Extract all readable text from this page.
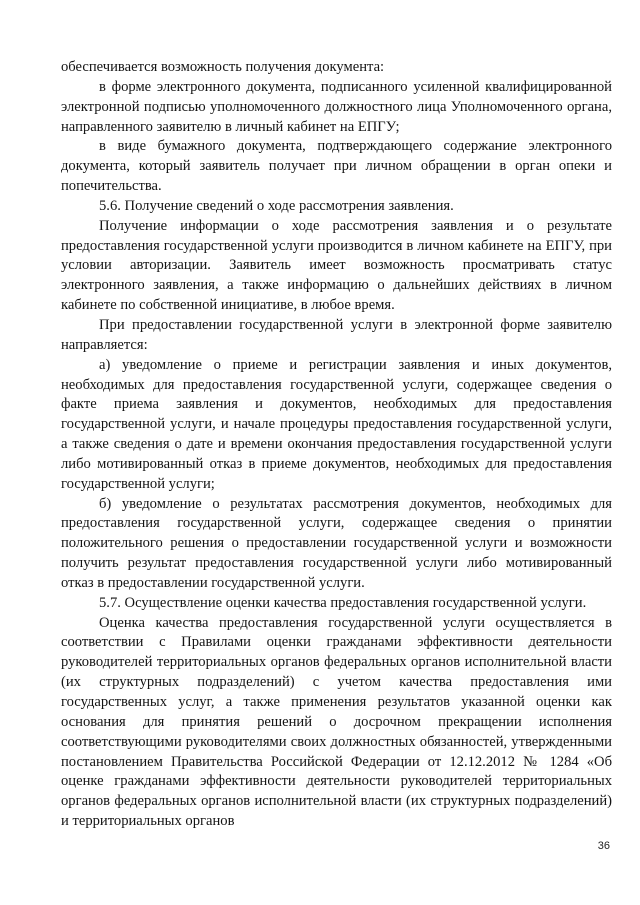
обеспечивается возможность получения документа:

в форме электронного документа, подписанного усиленной квалифицированной электронной подписью уполномоченного должностного лица Уполномоченного органа, направленного заявителю в личный кабинет на ЕПГУ;

в виде бумажного документа, подтверждающего содержание электронного документа, который заявитель получает при личном обращении в орган опеки и попечительства.

5.6. Получение сведений о ходе рассмотрения заявления.

Получение информации о ходе рассмотрения заявления и о результате предоставления государственной услуги производится в личном кабинете на ЕПГУ, при условии авторизации. Заявитель имеет возможность просматривать статус электронного заявления, а также информацию о дальнейших действиях в личном кабинете по собственной инициативе, в любое время.

При предоставлении государственной услуги в электронной форме заявителю направляется:

а) уведомление о приеме и регистрации заявления и иных документов, необходимых для предоставления государственной услуги, содержащее сведения о факте приема заявления и документов, необходимых для предоставления государственной услуги, и начале процедуры предоставления государственной услуги, а также сведения о дате и времени окончания предоставления государственной услуги либо мотивированный отказ в приеме документов, необходимых для предоставления государственной услуги;

б) уведомление о результатах рассмотрения документов, необходимых для предоставления государственной услуги, содержащее сведения о принятии положительного решения о предоставлении государственной услуги и возможности получить результат предоставления государственной услуги либо мотивированный отказ в предоставлении государственной услуги.

5.7. Осуществление оценки качества предоставления государственной услуги.

Оценка качества предоставления государственной услуги осуществляется в соответствии с Правилами оценки гражданами эффективности деятельности руководителей территориальных органов федеральных органов исполнительной власти (их структурных подразделений) с учетом качества предоставления ими государственных услуг, а также применения результатов указанной оценки как основания для принятия решений о досрочном прекращении исполнения соответствующими руководителями своих должностных обязанностей, утвержденными постановлением Правительства Российской Федерации от 12.12.2012 № 1284 «Об оценке гражданами эффективности деятельности руководителей территориальных органов федеральных органов исполнительной власти (их структурных подразделений) и территориальных органов

36
